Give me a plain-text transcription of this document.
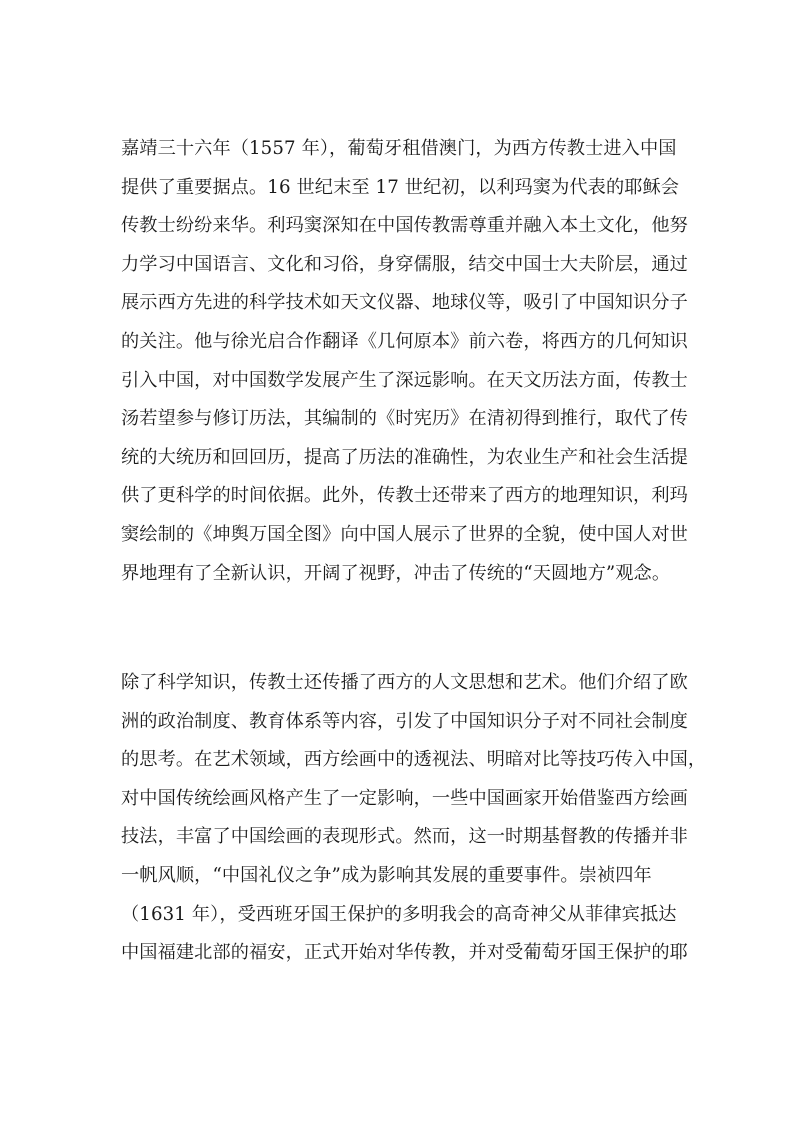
嘉靖三十六年（1557 年），葡萄牙租借澳门，为西方传教士进入中国
提供了重要据点。16 世纪末至 17 世纪初，以利玛窦为代表的耶稣会
传教士纷纷来华。利玛窦深知在中国传教需尊重并融入本土文化，他努
力学习中国语言、文化和习俗，身穿儒服，结交中国士大夫阶层，通过
展示西方先进的科学技术如天文仪器、地球仪等，吸引了中国知识分子
的关注。他与徐光启合作翻译《几何原本》前六卷，将西方的几何知识
引入中国，对中国数学发展产生了深远影响。在天文历法方面，传教士
汤若望参与修订历法，其编制的《时宪历》在清初得到推行，取代了传
统的大统历和回回历，提高了历法的准确性，为农业生产和社会生活提
供了更科学的时间依据。此外，传教士还带来了西方的地理知识，利玛
窦绘制的《坤舆万国全图》向中国人展示了世界的全貌，使中国人对世
界地理有了全新认识，开阔了视野，冲击了传统的“天圆地方”观念。
除了科学知识，传教士还传播了西方的人文思想和艺术。他们介绍了欧
洲的政治制度、教育体系等内容，引发了中国知识分子对不同社会制度
的思考。在艺术领域，西方绘画中的透视法、明暗对比等技巧传入中国，
对中国传统绘画风格产生了一定影响，一些中国画家开始借鉴西方绘画
技法，丰富了中国绘画的表现形式。然而，这一时期基督教的传播并非
一帆风顺，“中国礼仪之争”成为影响其发展的重要事件。崇祯四年
（1631 年），受西班牙国王保护的多明我会的高奇神父从菲律宾抵达
中国福建北部的福安，正式开始对华传教，并对受葡萄牙国王保护的耶
